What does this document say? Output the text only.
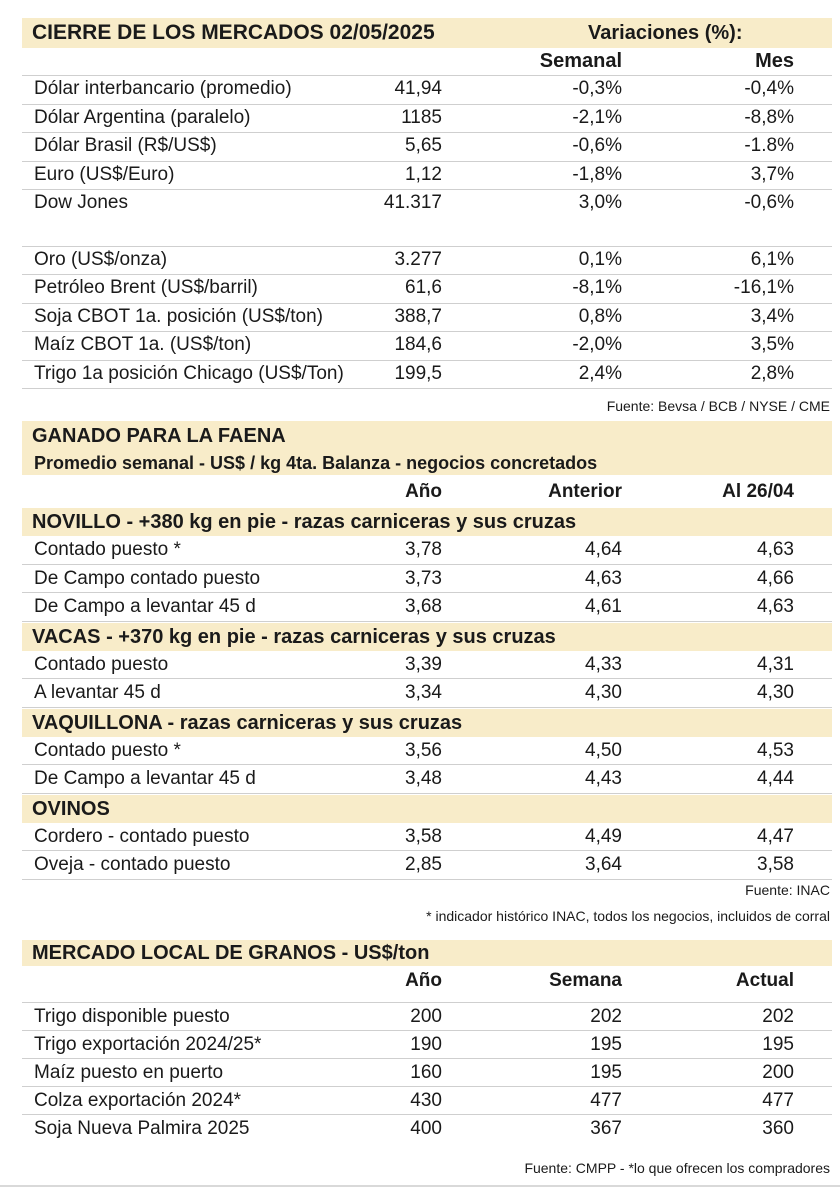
CIERRE DE LOS MERCADOS 02/05/2025	Variaciones (%):
Semanal	Mes
Dólar interbancario (promedio)	41,94	-0,3%	-0,4%
Dólar Argentina (paralelo)	1185	-2,1%	-8,8%
Dólar Brasil (R$/US$)	5,65	-0,6%	-1.8%
Euro (US$/Euro)	1,12	-1,8%	3,7%
Dow Jones	41.317	3,0%	-0,6%
Oro (US$/onza)	3.277	0,1%	6,1%
Petróleo Brent (US$/barril)	61,6	-8,1%	-16,1%
Soja CBOT 1a. posición (US$/ton)	388,7	0,8%	3,4%
Maíz CBOT 1a. (US$/ton)	184,6	-2,0%	3,5%
Trigo 1a posición Chicago (US$/Ton)	199,5	2,4%	2,8%
Fuente: Bevsa / BCB / NYSE / CME
GANADO PARA LA FAENA
Promedio semanal - US$ / kg 4ta. Balanza - negocios concretados
Año	Anterior	Al 26/04
NOVILLO - +380 kg en pie - razas carniceras y sus cruzas
Contado puesto *	3,78	4,64	4,63
De Campo contado puesto	3,73	4,63	4,66
De Campo a levantar 45 d	3,68	4,61	4,63
VACAS - +370 kg en pie - razas carniceras y sus cruzas
Contado puesto	3,39	4,33	4,31
A levantar 45 d	3,34	4,30	4,30
VAQUILLONA - razas carniceras y sus cruzas
Contado puesto *	3,56	4,50	4,53
De Campo a levantar 45 d	3,48	4,43	4,44
OVINOS
Cordero - contado puesto	3,58	4,49	4,47
Oveja - contado puesto	2,85	3,64	3,58
Fuente: INAC
* indicador histórico INAC, todos los negocios, incluidos de corral
MERCADO LOCAL DE GRANOS - US$/ton
Año	Semana	Actual
Trigo disponible puesto	200	202	202
Trigo exportación 2024/25*	190	195	195
Maíz puesto en puerto	160	195	200
Colza exportación 2024*	430	477	477
Soja Nueva Palmira 2025	400	367	360
Fuente: CMPP - *lo que ofrecen los compradores
